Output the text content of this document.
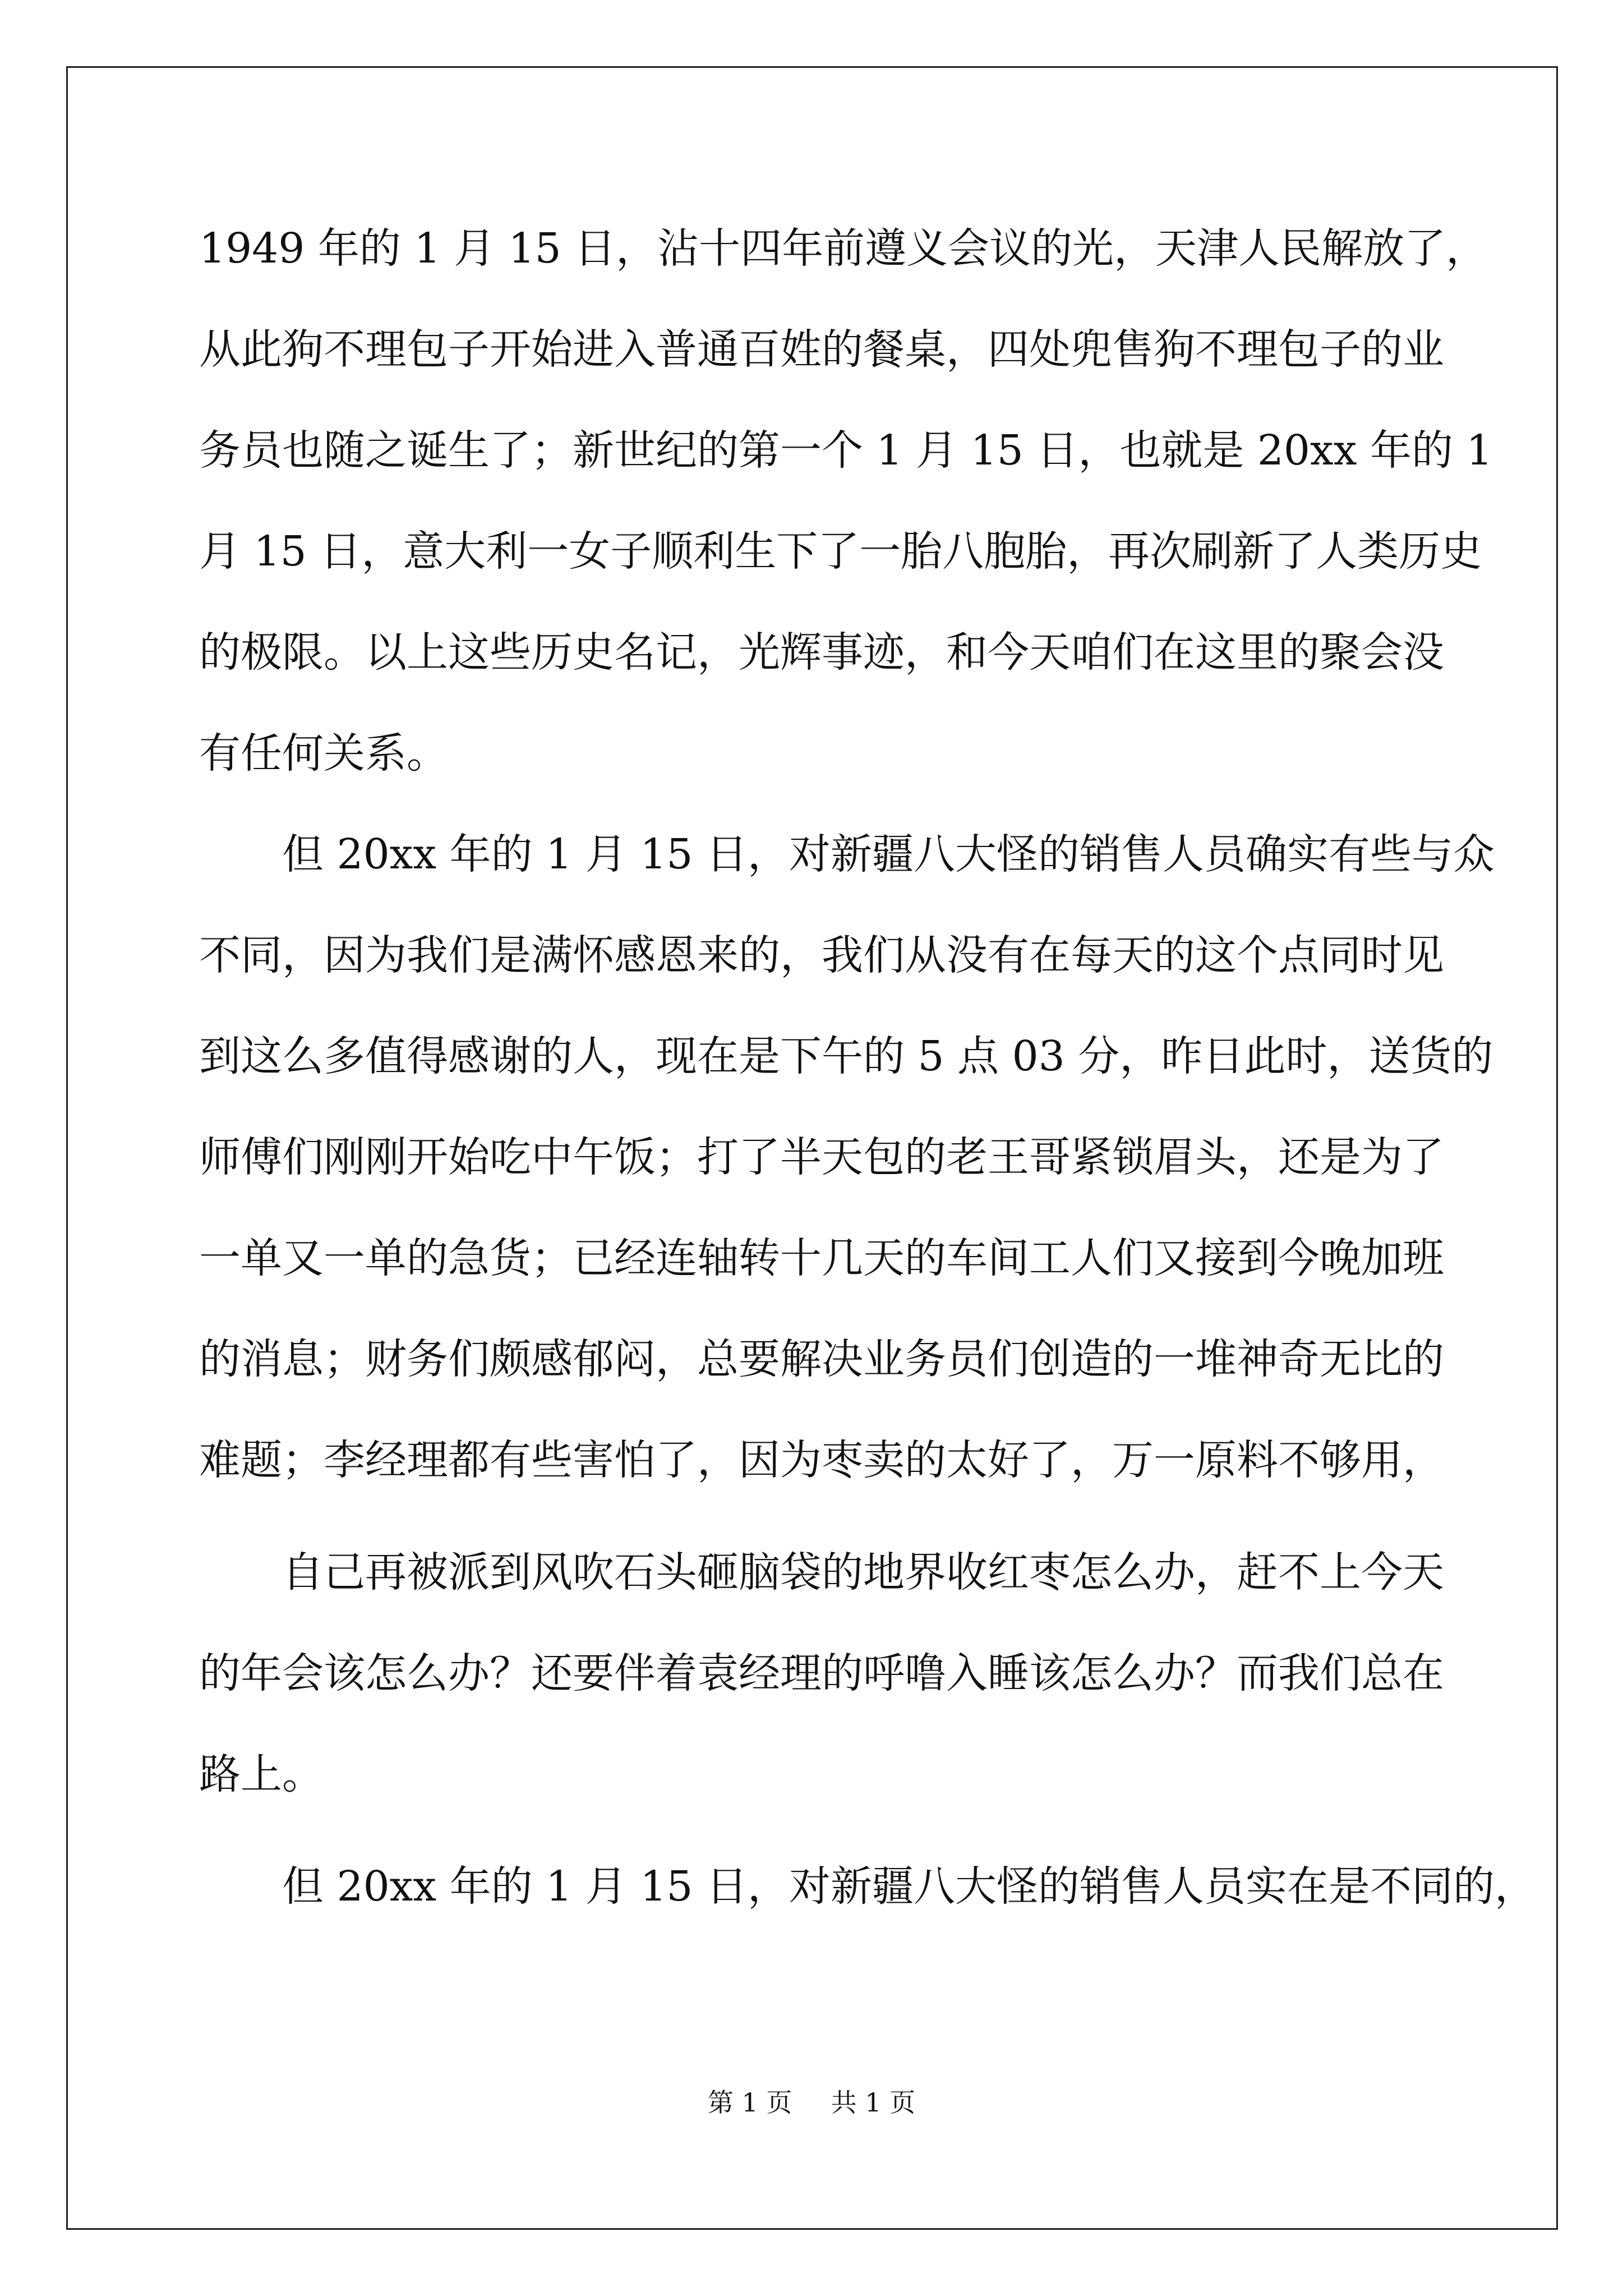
1949 年的 1 月 15 日，沾十四年前遵义会议的光，天津人民解放了，
从此狗不理包子开始进入普通百姓的餐桌，四处兜售狗不理包子的业
务员也随之诞生了；新世纪的第一个 1 月 15 日，也就是 20xx 年的 1
月 15 日，意大利一女子顺利生下了一胎八胞胎，再次刷新了人类历史
的极限。以上这些历史名记，光辉事迹，和今天咱们在这里的聚会没
有任何关系。
　　但 20xx 年的 1 月 15 日，对新疆八大怪的销售人员确实有些与众
不同，因为我们是满怀感恩来的，我们从没有在每天的这个点同时见
到这么多值得感谢的人，现在是下午的 5 点 03 分，昨日此时，送货的
师傅们刚刚开始吃中午饭；打了半天包的老王哥紧锁眉头，还是为了
一单又一单的急货；已经连轴转十几天的车间工人们又接到今晚加班
的消息；财务们颇感郁闷，总要解决业务员们创造的一堆神奇无比的
难题；李经理都有些害怕了，因为枣卖的太好了，万一原料不够用，
　　自己再被派到风吹石头砸脑袋的地界收红枣怎么办，赶不上今天
的年会该怎么办？还要伴着袁经理的呼噜入睡该怎么办？而我们总在
路上。
　　但 20xx 年的 1 月 15 日，对新疆八大怪的销售人员实在是不同的，
第 1 页 共 1 页
